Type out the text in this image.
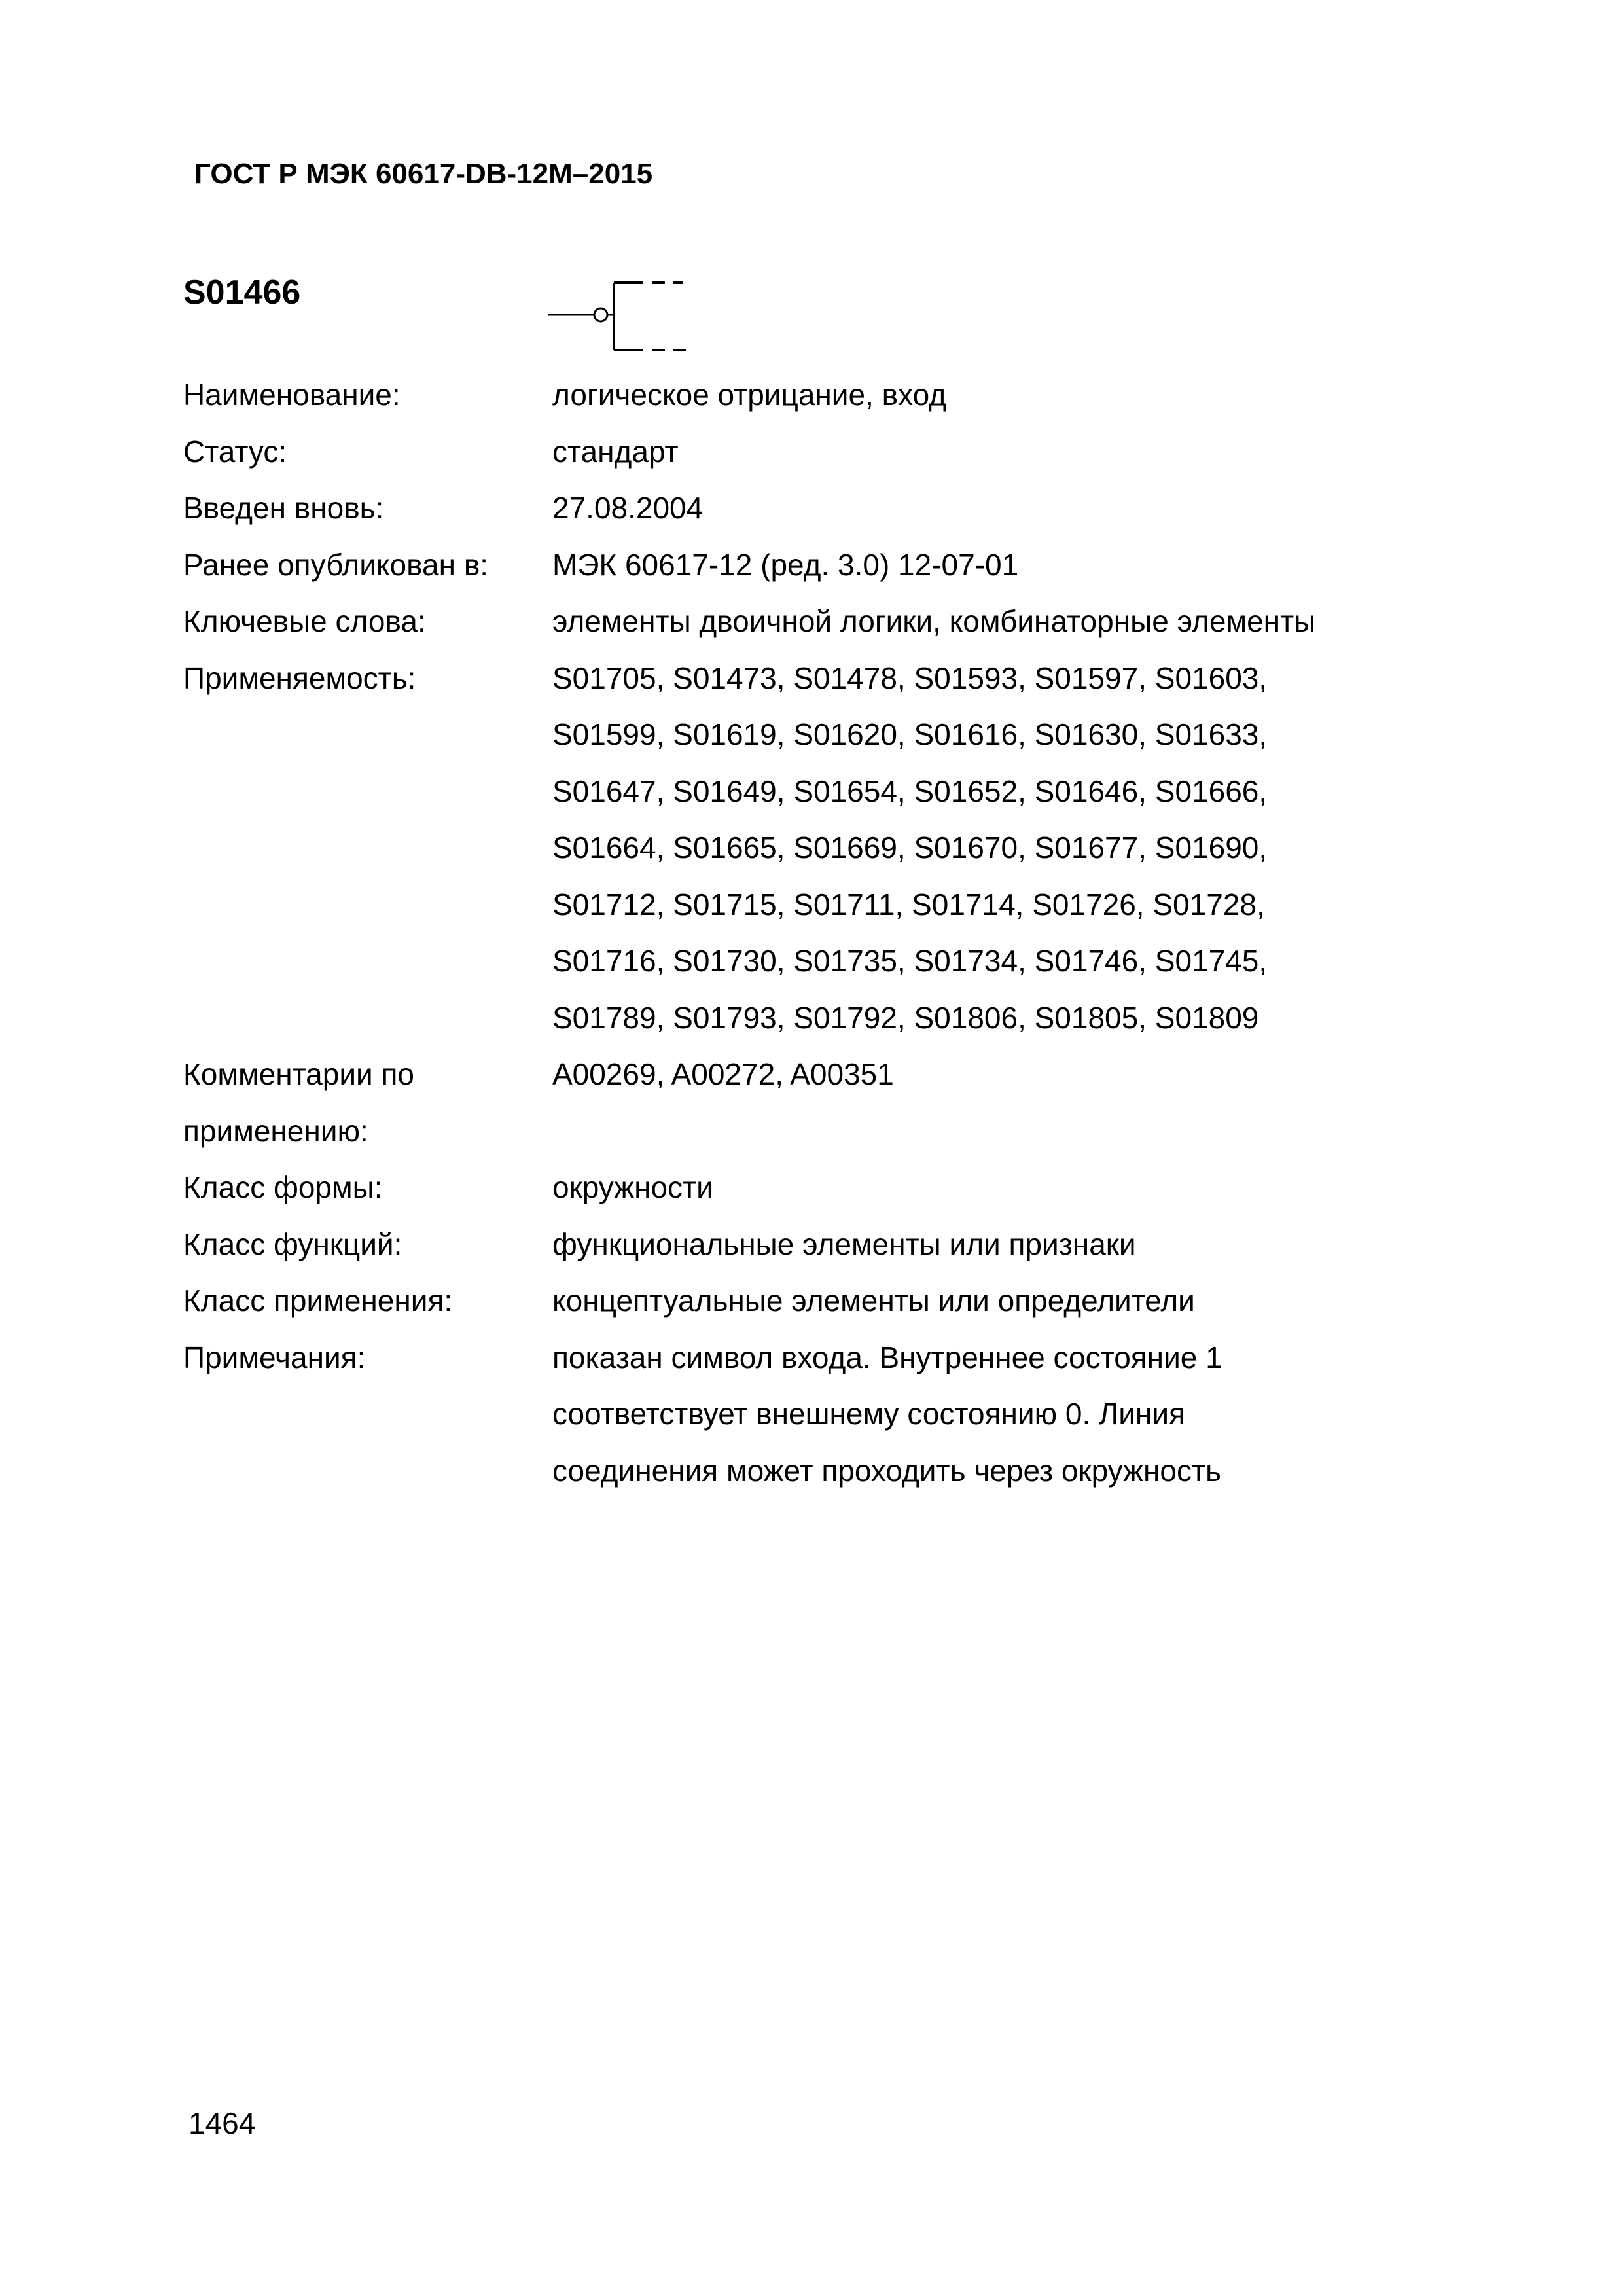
ГОСТ Р МЭК 60617-DB-12M–2015
S01466
Наименование:	логическое отрицание, вход
Статус:	стандарт
Введен вновь:	27.08.2004
Ранее опубликован в:	МЭК 60617-12 (ред. 3.0) 12-07-01
Ключевые слова:	элементы двоичной логики, комбинаторные элементы
Применяемость:	S01705, S01473, S01478, S01593, S01597, S01603,
S01599, S01619, S01620, S01616, S01630, S01633,
S01647, S01649, S01654, S01652, S01646, S01666,
S01664, S01665, S01669, S01670, S01677, S01690,
S01712, S01715, S01711, S01714, S01726, S01728,
S01716, S01730, S01735, S01734, S01746, S01745,
S01789, S01793, S01792, S01806, S01805, S01809
Комментарии по применению:
A00269, A00272, A00351
Класс формы:	окружности
Класс функций:	функциональные элементы или признаки
Класс применения:	концептуальные элементы или определители
Примечания:	показан символ входа. Внутреннее состояние 1
соответствует внешнему состоянию 0. Линия
соединения может проходить через окружность
1464
